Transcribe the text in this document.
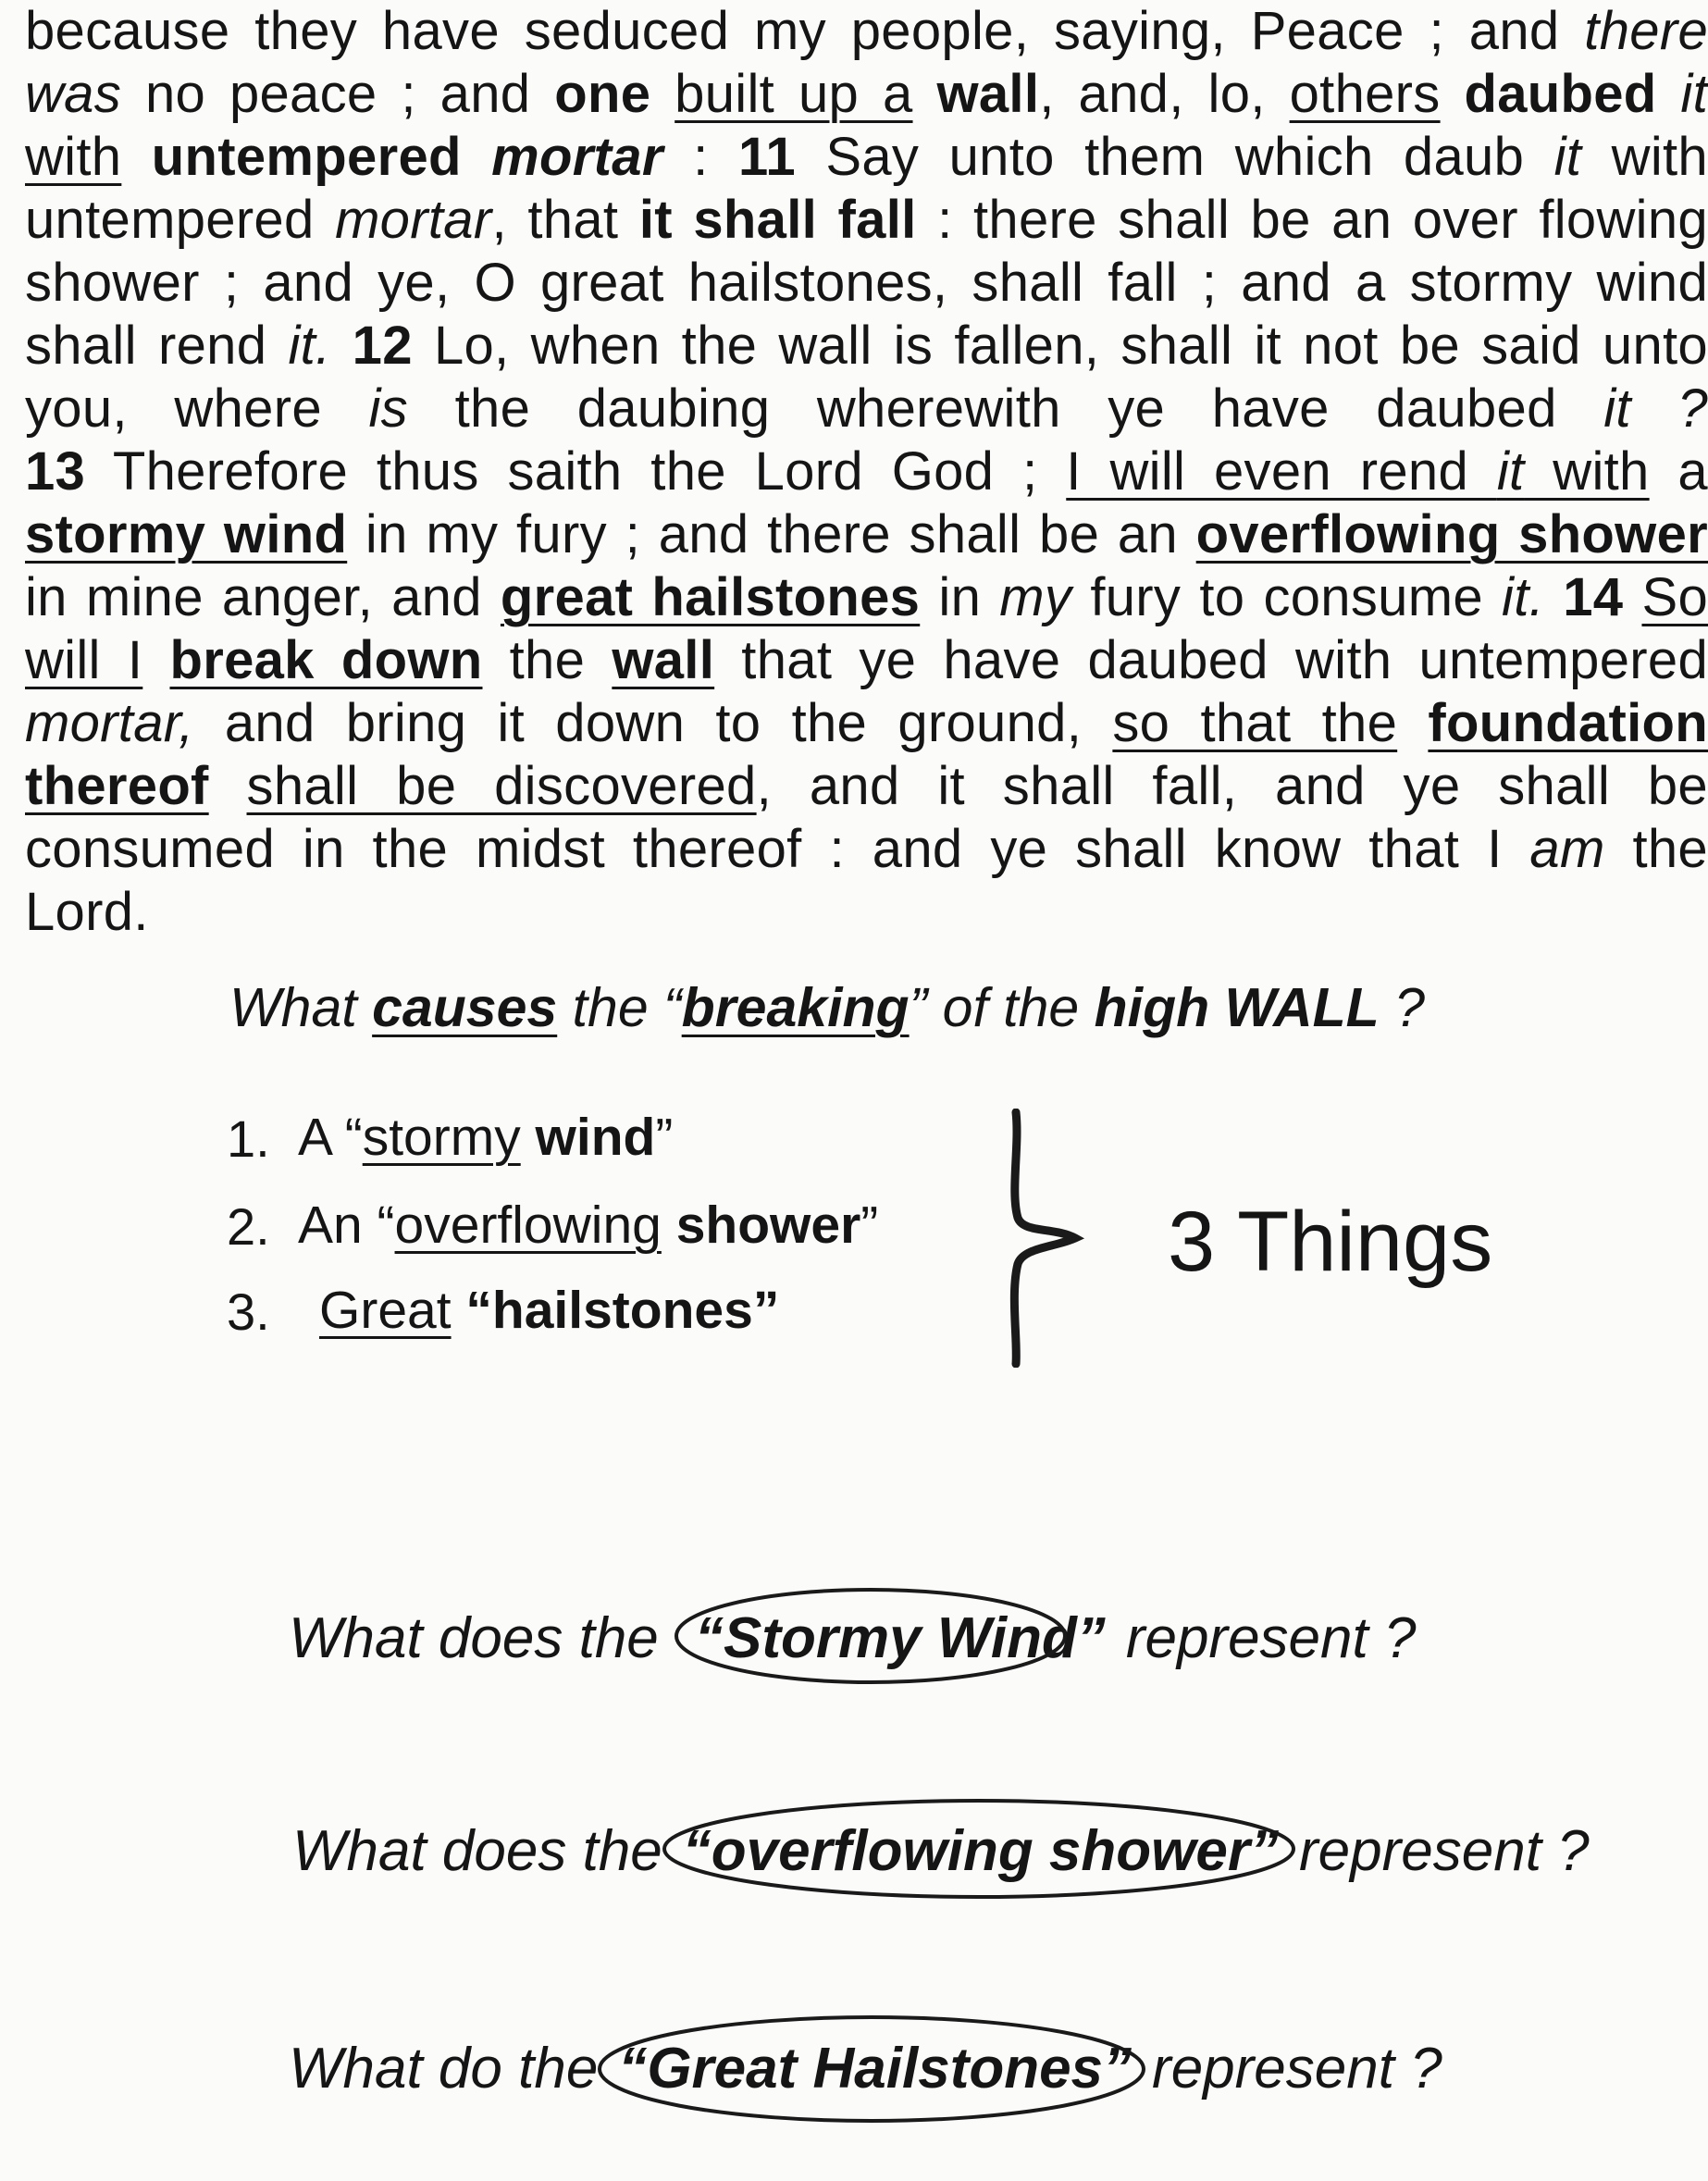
because they have seduced my people, saying, Peace ; and there
was no peace ; and one built up a wall, and, lo, others daubed it
with untempered mortar : 11 Say unto them which daub it with
untempered mortar, that it shall fall : there shall be an over flowing
shower ; and ye, O great hailstones, shall fall ; and a stormy wind
shall rend it. 12 Lo, when the wall is fallen, shall it not be said unto
you, where is the daubing wherewith ye have daubed it ?
13 Therefore thus saith the Lord God ; I will even rend it with a
stormy wind in my fury ; and there shall be an overflowing shower
in mine anger, and great hailstones in my fury to consume it. 14 So
will I break down the wall that ye have daubed with untempered
mortar, and bring it down to the ground, so that the foundation
thereof shall be discovered, and it shall fall, and ye shall be
consumed in the midst thereof : and ye shall know that I am the
Lord.
What causes the “breaking” of the high WALL ?
1. A “stormy wind”
2. An “overflowing shower”
3. Great “hailstones”
3 Things
What does the
“Stormy Wind” represent ?
What does the “overflowing shower” represent ?
What do the “Great Hailstones” represent ?
